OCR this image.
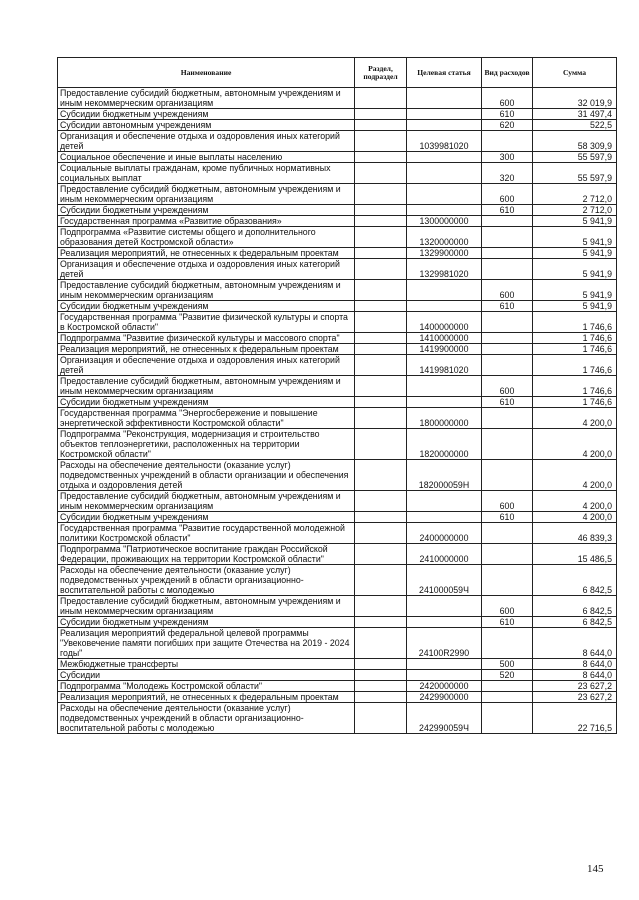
Наименование	Раздел, подраздел	Целевая статья	Вид расходов	Сумма
Предоставление субсидий бюджетным, автономным учреждениям и иным некоммерческим организациям			600	32 019,9
Субсидии бюджетным учреждениям			610	31 497,4
Субсидии автономным учреждениям			620	522,5
Организация и обеспечение отдыха и оздоровления иных категорий детей		1039981020		58 309,9
Социальное обеспечение и иные выплаты населению			300	55 597,9
Социальные выплаты гражданам, кроме публичных нормативных социальных выплат			320	55 597,9
Предоставление субсидий бюджетным, автономным учреждениям и иным некоммерческим организациям			600	2 712,0
Субсидии бюджетным учреждениям			610	2 712,0
Государственная программа «Развитие образования»		1300000000		5 941,9
Подпрограмма «Развитие системы общего и дополнительного образования детей Костромской области»		1320000000		5 941,9
Реализация мероприятий, не отнесенных к федеральным проектам		1329900000		5 941,9
Организация и обеспечение отдыха и оздоровления иных категорий детей		1329981020		5 941,9
Предоставление субсидий бюджетным, автономным учреждениям и иным некоммерческим организациям			600	5 941,9
Субсидии бюджетным учреждениям			610	5 941,9
Государственная программа "Развитие физической культуры и спорта в Костромской области"		1400000000		1 746,6
Подпрограмма "Развитие физической культуры и массового спорта"		1410000000		1 746,6
Реализация мероприятий, не отнесенных к федеральным проектам		1419900000		1 746,6
Организация и обеспечение отдыха и оздоровления иных категорий детей		1419981020		1 746,6
Предоставление субсидий бюджетным, автономным учреждениям и иным некоммерческим организациям			600	1 746,6
Субсидии бюджетным учреждениям			610	1 746,6
Государственная программа "Энергосбережение и повышение энергетической эффективности Костромской области"		1800000000		4 200,0
Подпрограмма "Реконструкция, модернизация и строительство объектов теплоэнергетики, расположенных на территории Костромской области"		1820000000		4 200,0
Расходы на обеспечение деятельности (оказание услуг) подведомственных учреждений в области организации и обеспечения отдыха и оздоровления детей		182000059Н		4 200,0
Предоставление субсидий бюджетным, автономным учреждениям и иным некоммерческим организациям			600	4 200,0
Субсидии бюджетным учреждениям			610	4 200,0
Государственная программа "Развитие государственной молодежной политики Костромской области"		2400000000		46 839,3
Подпрограмма "Патриотическое воспитание граждан Российской Федерации, проживающих на территории Костромской области"		2410000000		15 486,5
Расходы на обеспечение деятельности (оказание услуг) подведомственных учреждений в области организационно-воспитательной работы с молодежью		241000059Ч		6 842,5
Предоставление субсидий бюджетным, автономным учреждениям и иным некоммерческим организациям			600	6 842,5
Субсидии бюджетным учреждениям			610	6 842,5
Реализация мероприятий федеральной целевой программы "Увековечение памяти погибших при защите Отечества на 2019 - 2024 годы"		24100R2990		8 644,0
Межбюджетные трансферты			500	8 644,0
Субсидии			520	8 644,0
Подпрограмма "Молодежь Костромской области"		2420000000		23 627,2
Реализация мероприятий, не отнесенных к федеральным проектам		2429900000		23 627,2
Расходы на обеспечение деятельности (оказание услуг) подведомственных учреждений в области организационно-воспитательной работы с молодежью		242990059Ч		22 716,5
145
